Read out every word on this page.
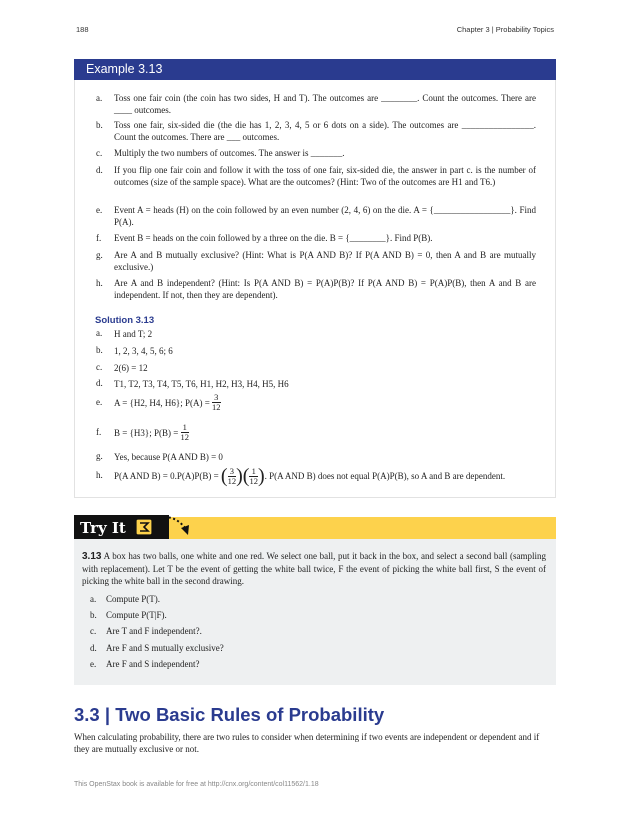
188	Chapter 3 | Probability Topics
Example 3.13
a.	Toss one fair coin (the coin has two sides, H and T). The outcomes are ________. Count the outcomes. There are ____ outcomes.
b.	Toss one fair, six-sided die (the die has 1, 2, 3, 4, 5 or 6 dots on a side). The outcomes are ________________. Count the outcomes. There are ___ outcomes.
c.	Multiply the two numbers of outcomes. The answer is _______.
d.	If you flip one fair coin and follow it with the toss of one fair, six-sided die, the answer in part c. is the number of outcomes (size of the sample space). What are the outcomes? (Hint: Two of the outcomes are H1 and T6.)
e.	Event A = heads (H) on the coin followed by an even number (2, 4, 6) on the die. A = {_________________}. Find P(A).
f.	Event B = heads on the coin followed by a three on the die. B = {________}. Find P(B).
g.	Are A and B mutually exclusive? (Hint: What is P(A AND B)? If P(A AND B) = 0, then A and B are mutually exclusive.)
h.	Are A and B independent? (Hint: Is P(A AND B) = P(A)P(B)? If P(A AND B) = P(A)P(B), then A and B are independent. If not, then they are dependent).
Solution 3.13
a. H and T; 2
b. 1, 2, 3, 4, 5, 6; 6
c. 2(6) = 12
d. T1, T2, T3, T4, T5, T6, H1, H2, H3, H4, H5, H6
e. A = {H2, H4, H6}; $P(A) = \frac{3}{12}$
f. B = {H3}; $P(B) = \frac{1}{12}$
g. Yes, because P(A AND B) = 0
h. P(A AND B) = 0.P(A)P(B) = ( $\frac{3}{12}$ )( $\frac{1}{12}$ ). P(A AND B) does not equal P(A)P(B), so A and B are dependent.
Try It
3.13 A box has two balls, one white and one red. We select one ball, put it back in the box, and select a second ball (sampling with replacement). Let T be the event of getting the white ball twice, F the event of picking the white ball first, S the event of picking the white ball in the second drawing.
a. Compute P(T).
b. Compute P(T|F).
c. Are T and F independent?.
d. Are F and S mutually exclusive?
e. Are F and S independent?
3.3 | Two Basic Rules of Probability
When calculating probability, there are two rules to consider when determining if two events are independent or dependent and if they are mutually exclusive or not.
This OpenStax book is available for free at http://cnx.org/content/col11562/1.18
